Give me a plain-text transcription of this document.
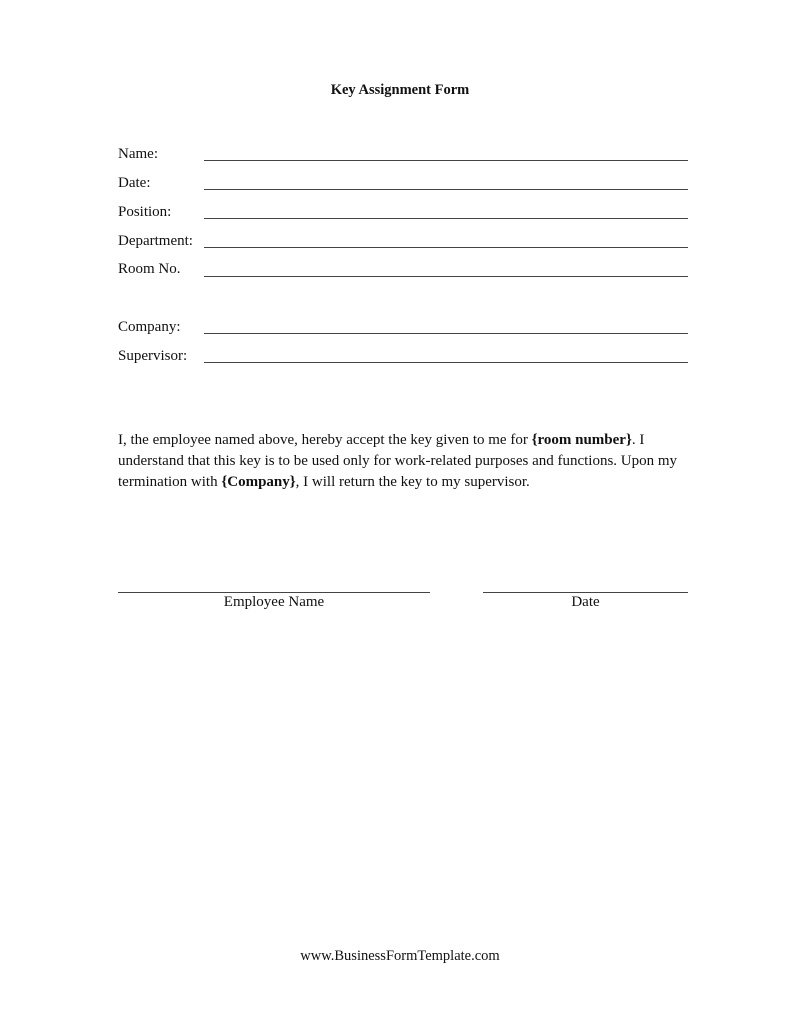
Key Assignment Form
Name:
Date:
Position:
Department:
Room No.
Company:
Supervisor:
I, the employee named above, hereby accept the key given to me for {room number}. I understand that this key is to be used only for work-related purposes and functions. Upon my termination with {Company}, I will return the key to my supervisor.
Employee Name	Date
www.BusinessFormTemplate.com
